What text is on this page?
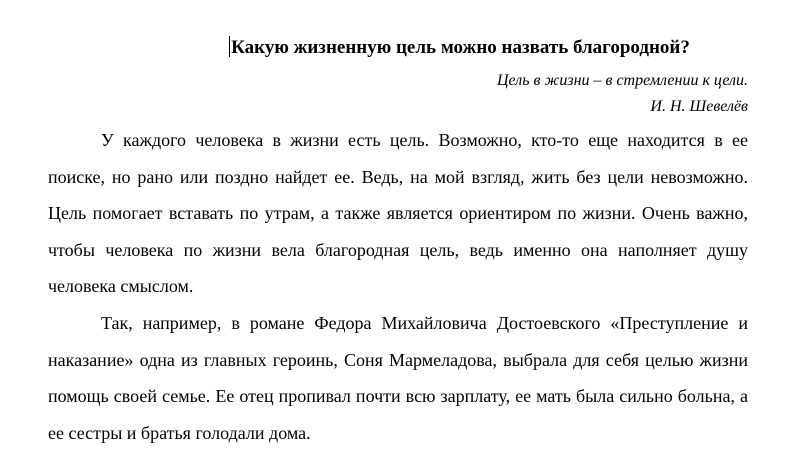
Какую жизненную цель можно назвать благородной?
Цель в жизни – в стремлении к цели.
И. Н. Шевелёв

У каждого человека в жизни есть цель. Возможно, кто-то еще находится в ее поиске, но рано или поздно найдет ее. Ведь, на мой взгляд, жить без цели невозможно. Цель помогает вставать по утрам, а также является ориентиром по жизни. Очень важно, чтобы человека по жизни вела благородная цель, ведь именно она наполняет душу человека смыслом.

Так, например, в романе Федора Михайловича Достоевского «Преступление и наказание» одна из главных героинь, Соня Мармеладова, выбрала для себя целью жизни помощь своей семье. Ее отец пропивал почти всю зарплату, ее мать была сильно больна, а ее сестры и братья голодали дома.
